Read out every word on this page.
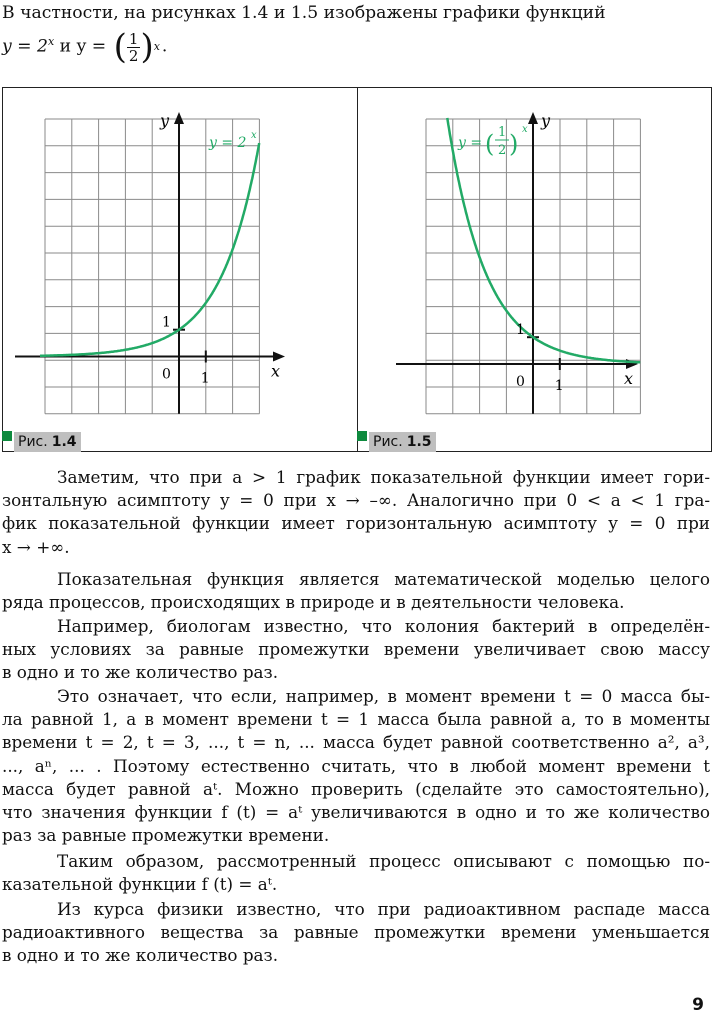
В частности, на рисунках 1.4 и 1.5 изображены графики функций
$y = 2^x$ и y = ( $\frac{1}{2}$ ) x .
x
y
0 1
1
y = 2 x
x
y
0 1
1
y = ( 1
2 )
x
Рис. 1.4	Рис. 1.5
Заметим, что при a > 1 график показательной функции имеет гори-
зонтальную асимптоту y = 0 при x → –∞. Аналогично при 0 < a < 1 гра-
фик показательной функции имеет горизонтальную асимптоту y = 0 при
x → +∞.
Показательная функция является математической моделью целого
ряда процессов, происходящих в природе и в деятельности человека.
Например, биологам известно, что колония бактерий в определён-
ных условиях за равные промежутки времени увеличивает свою массу
в одно и то же количество раз.
Это означает, что если, например, в момент времени t = 0 масса бы-
ла равной 1, а в момент времени t = 1 масса была равной a, то в моменты
времени t = 2, t = 3, ..., t = n, ... масса будет равной соответственно a², a³,
..., aⁿ, ... . Поэтому естественно считать, что в любой момент времени t
масса будет равной aᵗ. Можно проверить (сделайте это самостоятельно),
что значения функции f (t) = aᵗ увеличиваются в одно и то же количество
раз за равные промежутки времени.
Таким образом, рассмотренный процесс описывают с помощью по-
казательной функции f (t) = aᵗ.
Из курса физики известно, что при радиоактивном распаде масса
радиоактивного вещества за равные промежутки времени уменьшается
в одно и то же количество раз.
9
